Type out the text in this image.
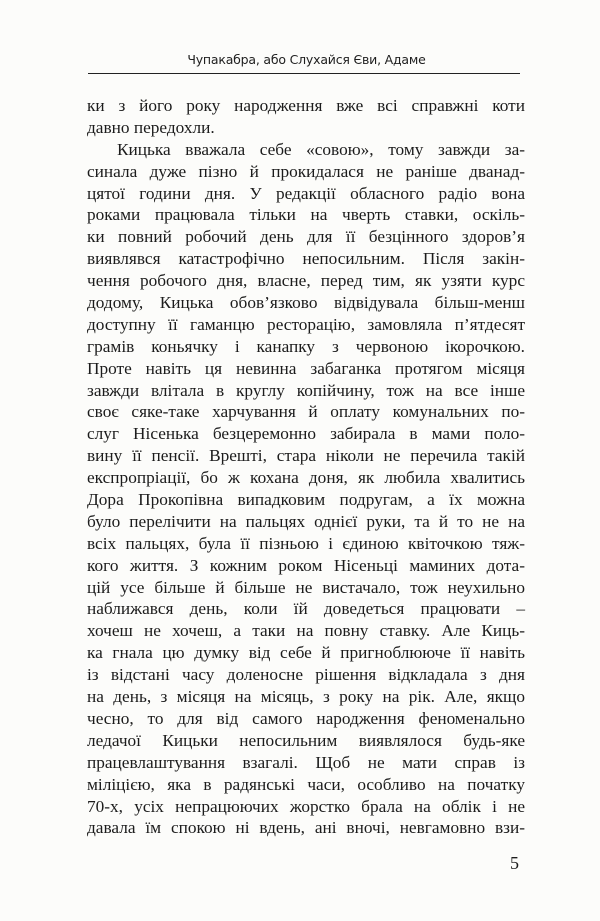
Чупакабра, або Слухайся Єви, Адаме
ки з його року народження вже всі справжні коти
давно передохли.
Кицька вважала себе «совою», тому завжди за-
синала дуже пізно й прокидалася не раніше дванад-
цятої години дня. У редакції обласного радіо вона
роками працювала тільки на чверть ставки, оскіль-
ки повний робочий день для її безцінного здоров’я
виявлявся катастрофічно непосильним. Після закін-
чення робочого дня, власне, перед тим, як узяти курс
додому, Кицька обов’язково відвідувала більш-менш
доступну її гаманцю ресторацію, замовляла п’ятдесят
грамів коньячку і канапку з червоною ікорочкою.
Проте навіть ця невинна забаганка протягом місяця
завжди влітала в круглу копійчину, тож на все інше
своє сяке-таке харчування й оплату комунальних по-
слуг Нісенька безцеремонно забирала в мами поло-
вину її пенсії. Врешті, стара ніколи не перечила такій
експропріації, бо ж кохана доня, як любила хвалитись
Дора Прокопівна випадковим подругам, а їх можна
було перелічити на пальцях однієї руки, та й то не на
всіх пальцях, була її пізньою і єдиною квіточкою тяж-
кого життя. З кожним роком Нісеньці маминих дота-
цій усе більше й більше не вистачало, тож неухильно
наближався день, коли їй доведеться працювати –
хочеш не хочеш, а таки на повну ставку. Але Киць-
ка гнала цю думку від себе й пригноблююче її навіть
із відстані часу доленосне рішення відкладала з дня
на день, з місяця на місяць, з року на рік. Але, якщо
чесно, то для від самого народження феноменально
ледачої Кицьки непосильним виявлялося будь-яке
працевлаштування взагалі. Щоб не мати справ із
міліцією, яка в радянські часи, особливо на початку
70-х, усіх непрацюючих жорстко брала на облік і не
давала їм спокою ні вдень, ані вночі, невгамовно взи-
5
